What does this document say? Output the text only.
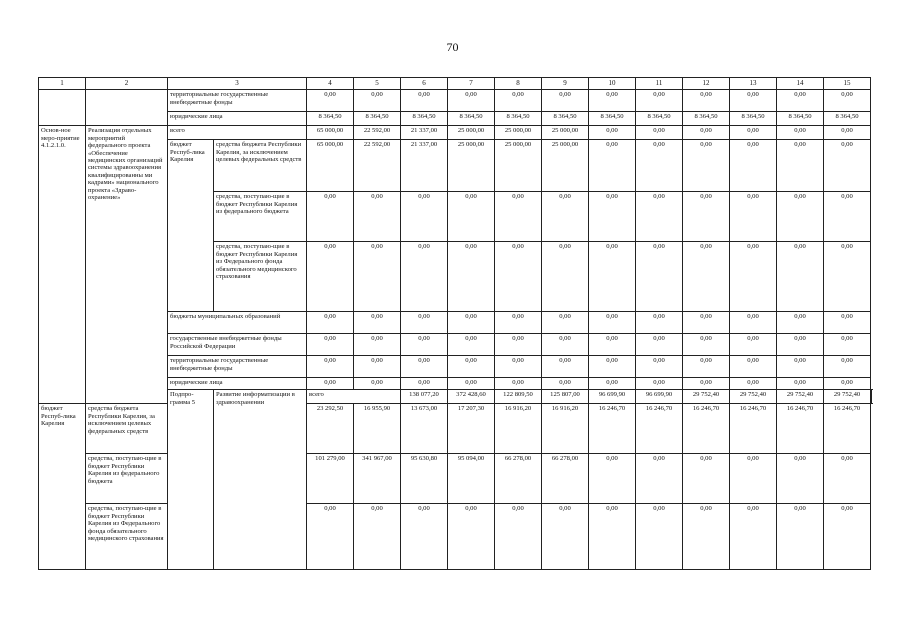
70
1	2	3		4	5	6	7	8	9	10	11	12	13	14	15	
		территориальные государственные внебюджетные фонды		0,00	0,00	0,00	0,00	0,00	0,00	0,00	0,00	0,00	0,00	0,00	0,00	
		юридические лица		8 364,50	8 364,50	8 364,50	8 364,50	8 364,50	8 364,50	8 364,50	8 364,50	8 364,50	8 364,50	8 364,50	8 364,50	
Основ-ное меро-приятие 4.1.2.1.0.	Реализация отдельных мероприятий федерального проекта «Обеспечение медицинских организаций системы здравоохранения квалифицированны ми кадрами» национального проекта «Здраво-охранение»	всего		65 000,00	22 592,00	21 337,00	25 000,00	25 000,00	25 000,00	0,00	0,00	0,00	0,00	0,00	0,00	
		бюджет Респуб-лика Карелия	средства бюджета Республики Карелия, за исключением целевых федеральных средств	65 000,00	22 592,00	21 337,00	25 000,00	25 000,00	25 000,00	0,00	0,00	0,00	0,00	0,00	0,00	
			средства, поступаю-щие в бюджет Республики Карелия из федерального бюджета	0,00	0,00	0,00	0,00	0,00	0,00	0,00	0,00	0,00	0,00	0,00	0,00	
			средства, поступаю-щие в бюджет Республики Карелия из Федерального фонда обязательного медицинского страхования	0,00	0,00	0,00	0,00	0,00	0,00	0,00	0,00	0,00	0,00	0,00	0,00	
		бюджеты муниципальных образований		0,00	0,00	0,00	0,00	0,00	0,00	0,00	0,00	0,00	0,00	0,00	0,00	
		государственные внебюджетные фонды Российской Федерации		0,00	0,00	0,00	0,00	0,00	0,00	0,00	0,00	0,00	0,00	0,00	0,00	
		территориальные государственные внебюджетные фонды		0,00	0,00	0,00	0,00	0,00	0,00	0,00	0,00	0,00	0,00	0,00	0,00	
		юридические лица		0,00	0,00	0,00	0,00	0,00	0,00	0,00	0,00	0,00	0,00	0,00	0,00	
		Подпро-грамма 5	Развитие информатизации в здравоохранении	всего		138 077,20	372 428,60	122 809,50	125 807,00	96 699,90	96 699,90	29 752,40	29 752,40	29 752,40	29 752,40		
бюджет Респуб-лика Карелия	средства бюджета Республики Карелия, за исключением целевых федеральных средств			23 292,50	16 955,90	13 673,00	17 207,30	16 916,20	16 916,20	16 246,70	16 246,70	16 246,70	16 246,70	16 246,70	16 246,70	
	средства, поступаю-щие в бюджет Республики Карелия из федерального бюджета			101 279,00	341 967,00	95 630,80	95 094,00	66 278,00	66 278,00	0,00	0,00	0,00	0,00	0,00	0,00	
	средства, поступаю-щие в бюджет Республики Карелия из Федерального фонда обязательного медицинского страхования			0,00	0,00	0,00	0,00	0,00	0,00	0,00	0,00	0,00	0,00	0,00	0,00	
